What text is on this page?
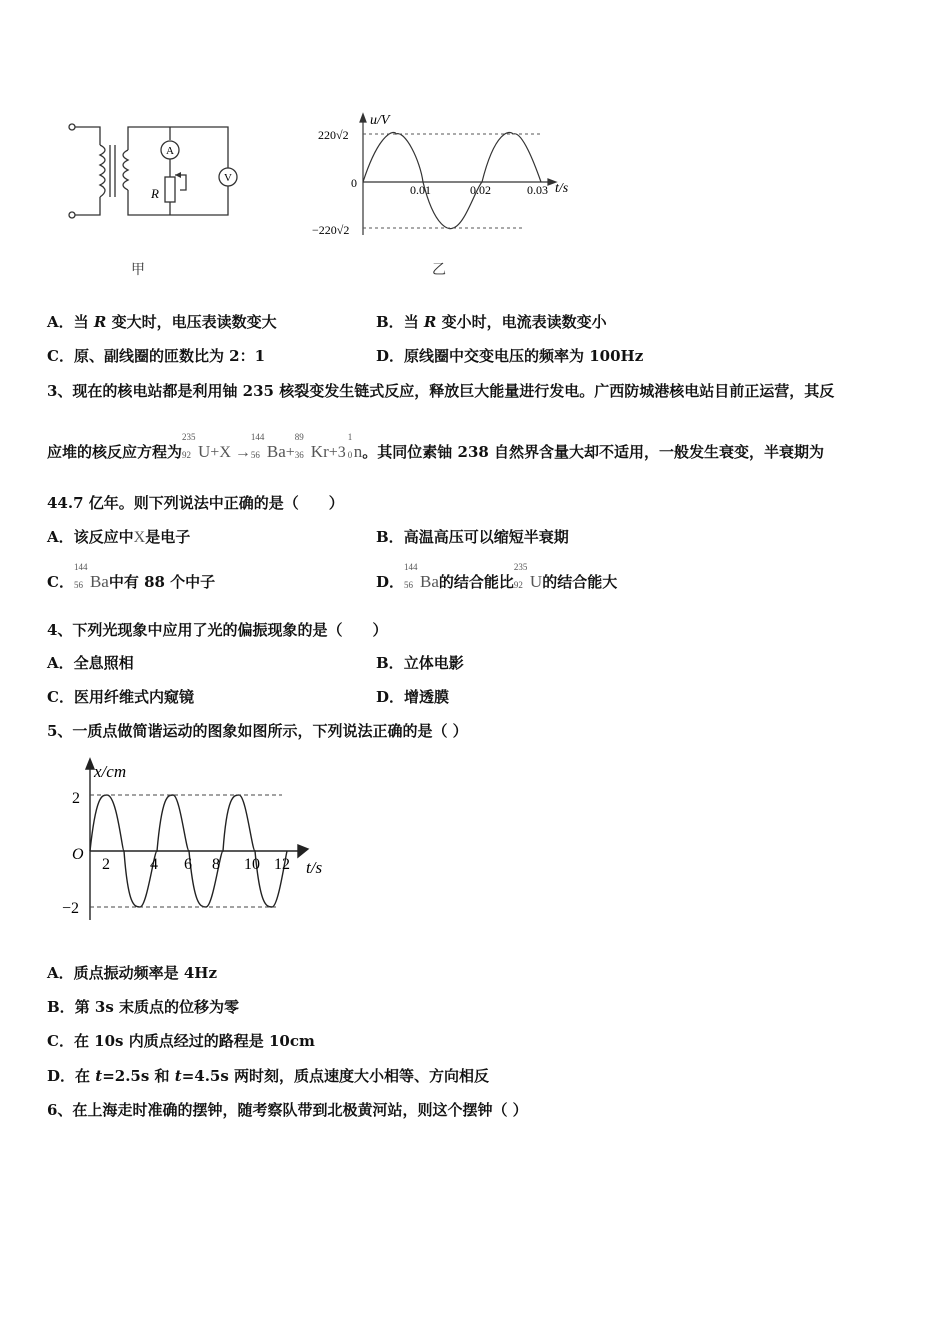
A
V
R
甲
u/V
t/s
220√2
−220√2
0	0.01	0.02	0.03
乙
A．当 R 变大时，电压表读数变大	B．当 R 变小时，电流表读数变小
C．原、副线圈的匝数比为 2：1	D．原线圈中交变电压的频率为 100Hz
3、现在的核电站都是利用铀 235 核裂变发生链式反应，释放巨大能量进行发电。广西防城港核电站目前正运营，其反
应堆的核反应方程为
235
92 U+X →
144
56 Ba+
89
36 Kr+3
1
0 n。其同位素铀 238 自然界含量大却不适用，一般发生衰变，半衰期为
44.7 亿年。则下列说法中正确的是（　　）
A．该反应中X是电子	B．高温高压可以缩短半衰期
C．
144
56 Ba中有 88 个中子	D．
144
56 Ba的结合能比
235
92 U的结合能大
4、下列光现象中应用了光的偏振现象的是（　　）
A．全息照相	B．立体电影
C．医用纤维式内窥镜	D．增透膜
5、一质点做简谐运动的图象如图所示，下列说法正确的是（ ）
x/cm
t/s
O
2
−2
2	4 6 8 10 12
A．质点振动频率是 4Hz
B．第 3s 末质点的位移为零
C．在 10s 内质点经过的路程是 10cm
D．在 t=2.5s 和 t=4.5s 两时刻，质点速度大小相等、方向相反
6、在上海走时准确的摆钟，随考察队带到北极黄河站，则这个摆钟（ ）
